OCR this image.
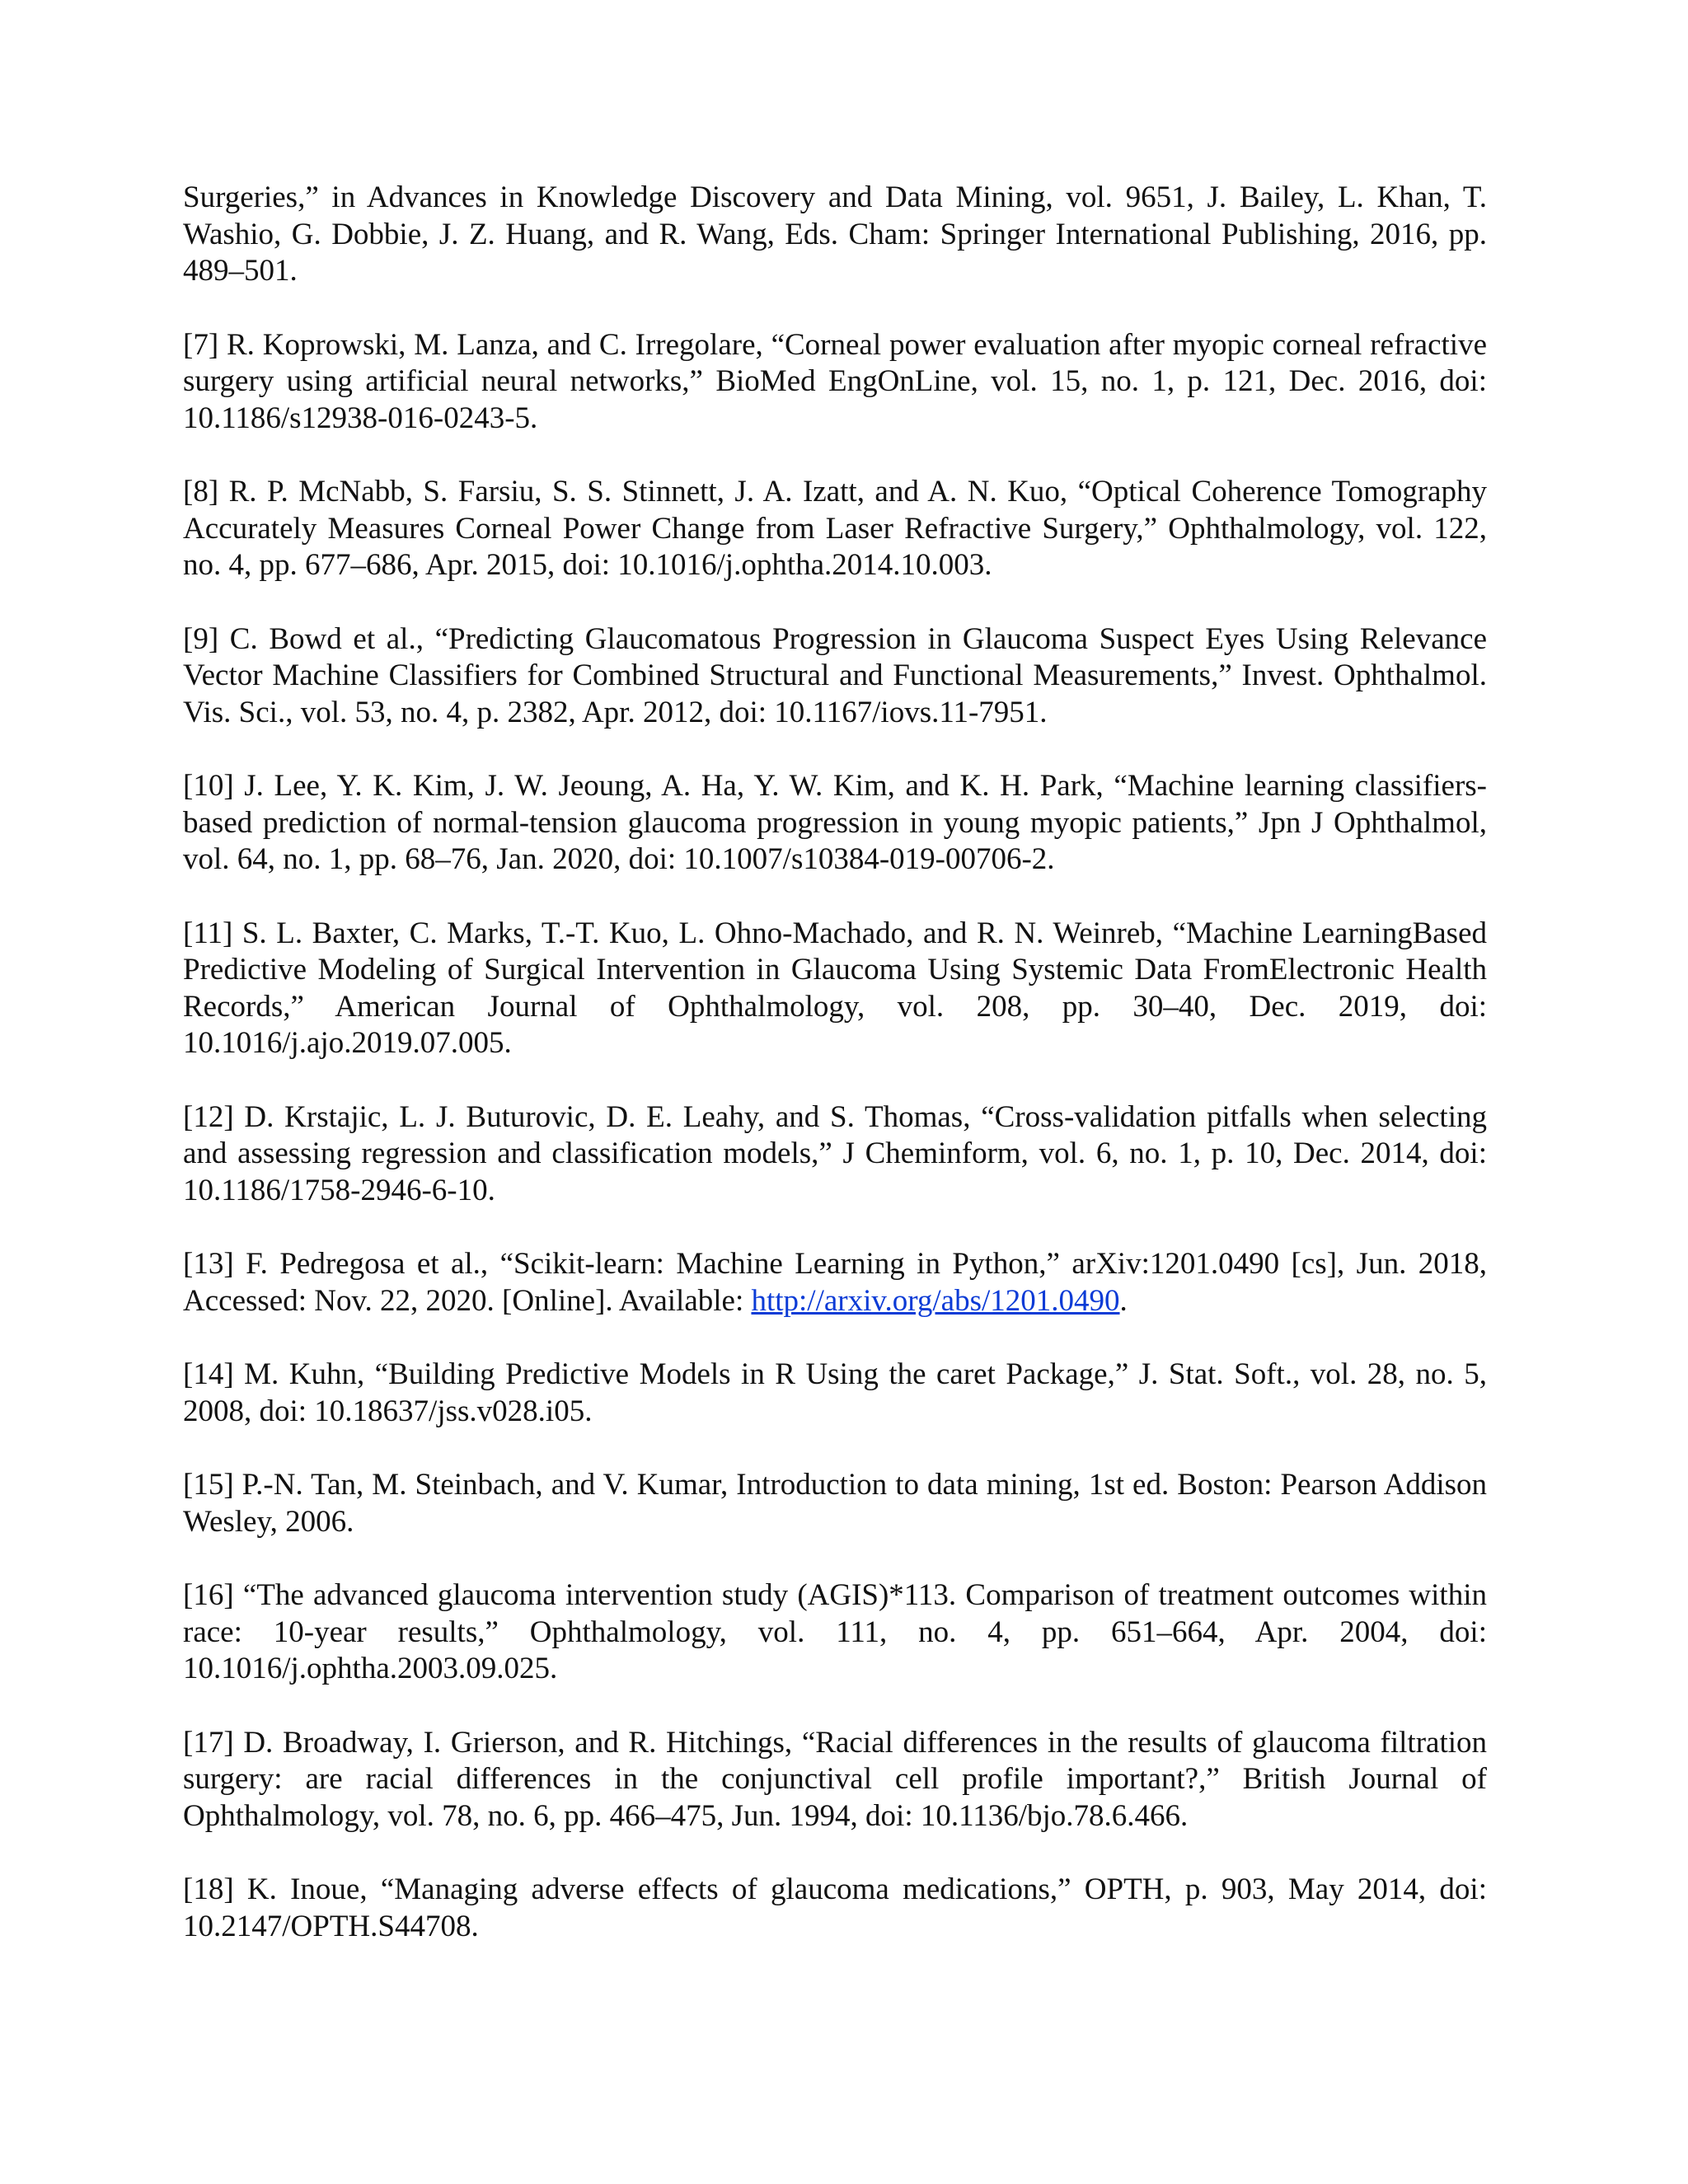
Surgeries,” in Advances in Knowledge Discovery and Data Mining, vol. 9651, J. Bailey, L. Khan, T. Washio, G. Dobbie, J. Z. Huang, and R. Wang, Eds. Cham: Springer International Publishing, 2016, pp. 489–501.

[7] R. Koprowski, M. Lanza, and C. Irregolare, “Corneal power evaluation after myopic corneal refractive surgery using artificial neural networks,” BioMed EngOnLine, vol. 15, no. 1, p. 121, Dec. 2016, doi: 10.1186/s12938-016-0243-5.

[8] R. P. McNabb, S. Farsiu, S. S. Stinnett, J. A. Izatt, and A. N. Kuo, “Optical Coherence Tomography Accurately Measures Corneal Power Change from Laser Refractive Surgery,” Ophthalmology, vol. 122, no. 4, pp. 677–686, Apr. 2015, doi: 10.1016/j.ophtha.2014.10.003.

[9] C. Bowd et al., “Predicting Glaucomatous Progression in Glaucoma Suspect Eyes Using Relevance Vector Machine Classifiers for Combined Structural and Functional Measurements,” Invest. Ophthalmol. Vis. Sci., vol. 53, no. 4, p. 2382, Apr. 2012, doi: 10.1167/iovs.11-7951.

[10] J. Lee, Y. K. Kim, J. W. Jeoung, A. Ha, Y. W. Kim, and K. H. Park, “Machine learning classifiers-based prediction of normal-tension glaucoma progression in young myopic patients,” Jpn J Ophthalmol, vol. 64, no. 1, pp. 68–76, Jan. 2020, doi: 10.1007/s10384-019-00706-2.

[11] S. L. Baxter, C. Marks, T.-T. Kuo, L. Ohno-Machado, and R. N. Weinreb, “Machine LearningBased Predictive Modeling of Surgical Intervention in Glaucoma Using Systemic Data FromElectronic Health Records,” American Journal of Ophthalmology, vol. 208, pp. 30–40, Dec. 2019, doi: 10.1016/j.ajo.2019.07.005.

[12] D. Krstajic, L. J. Buturovic, D. E. Leahy, and S. Thomas, “Cross-validation pitfalls when selecting and assessing regression and classification models,” J Cheminform, vol. 6, no. 1, p. 10, Dec. 2014, doi: 10.1186/1758-2946-6-10.

[13] F. Pedregosa et al., “Scikit-learn: Machine Learning in Python,” arXiv:1201.0490 [cs], Jun. 2018, Accessed: Nov. 22, 2020. [Online]. Available: http://arxiv.org/abs/1201.0490.

[14] M. Kuhn, “Building Predictive Models in R Using the caret Package,” J. Stat. Soft., vol. 28, no. 5, 2008, doi: 10.18637/jss.v028.i05.

[15] P.-N. Tan, M. Steinbach, and V. Kumar, Introduction to data mining, 1st ed. Boston: Pearson Addison Wesley, 2006.

[16] “The advanced glaucoma intervention study (AGIS)*113. Comparison of treatment outcomes within race: 10-year results,” Ophthalmology, vol. 111, no. 4, pp. 651–664, Apr. 2004, doi: 10.1016/j.ophtha.2003.09.025.

[17] D. Broadway, I. Grierson, and R. Hitchings, “Racial differences in the results of glaucoma filtration surgery: are racial differences in the conjunctival cell profile important?,” British Journal of Ophthalmology, vol. 78, no. 6, pp. 466–475, Jun. 1994, doi: 10.1136/bjo.78.6.466.

[18] K. Inoue, “Managing adverse effects of glaucoma medications,” OPTH, p. 903, May 2014, doi: 10.2147/OPTH.S44708.
